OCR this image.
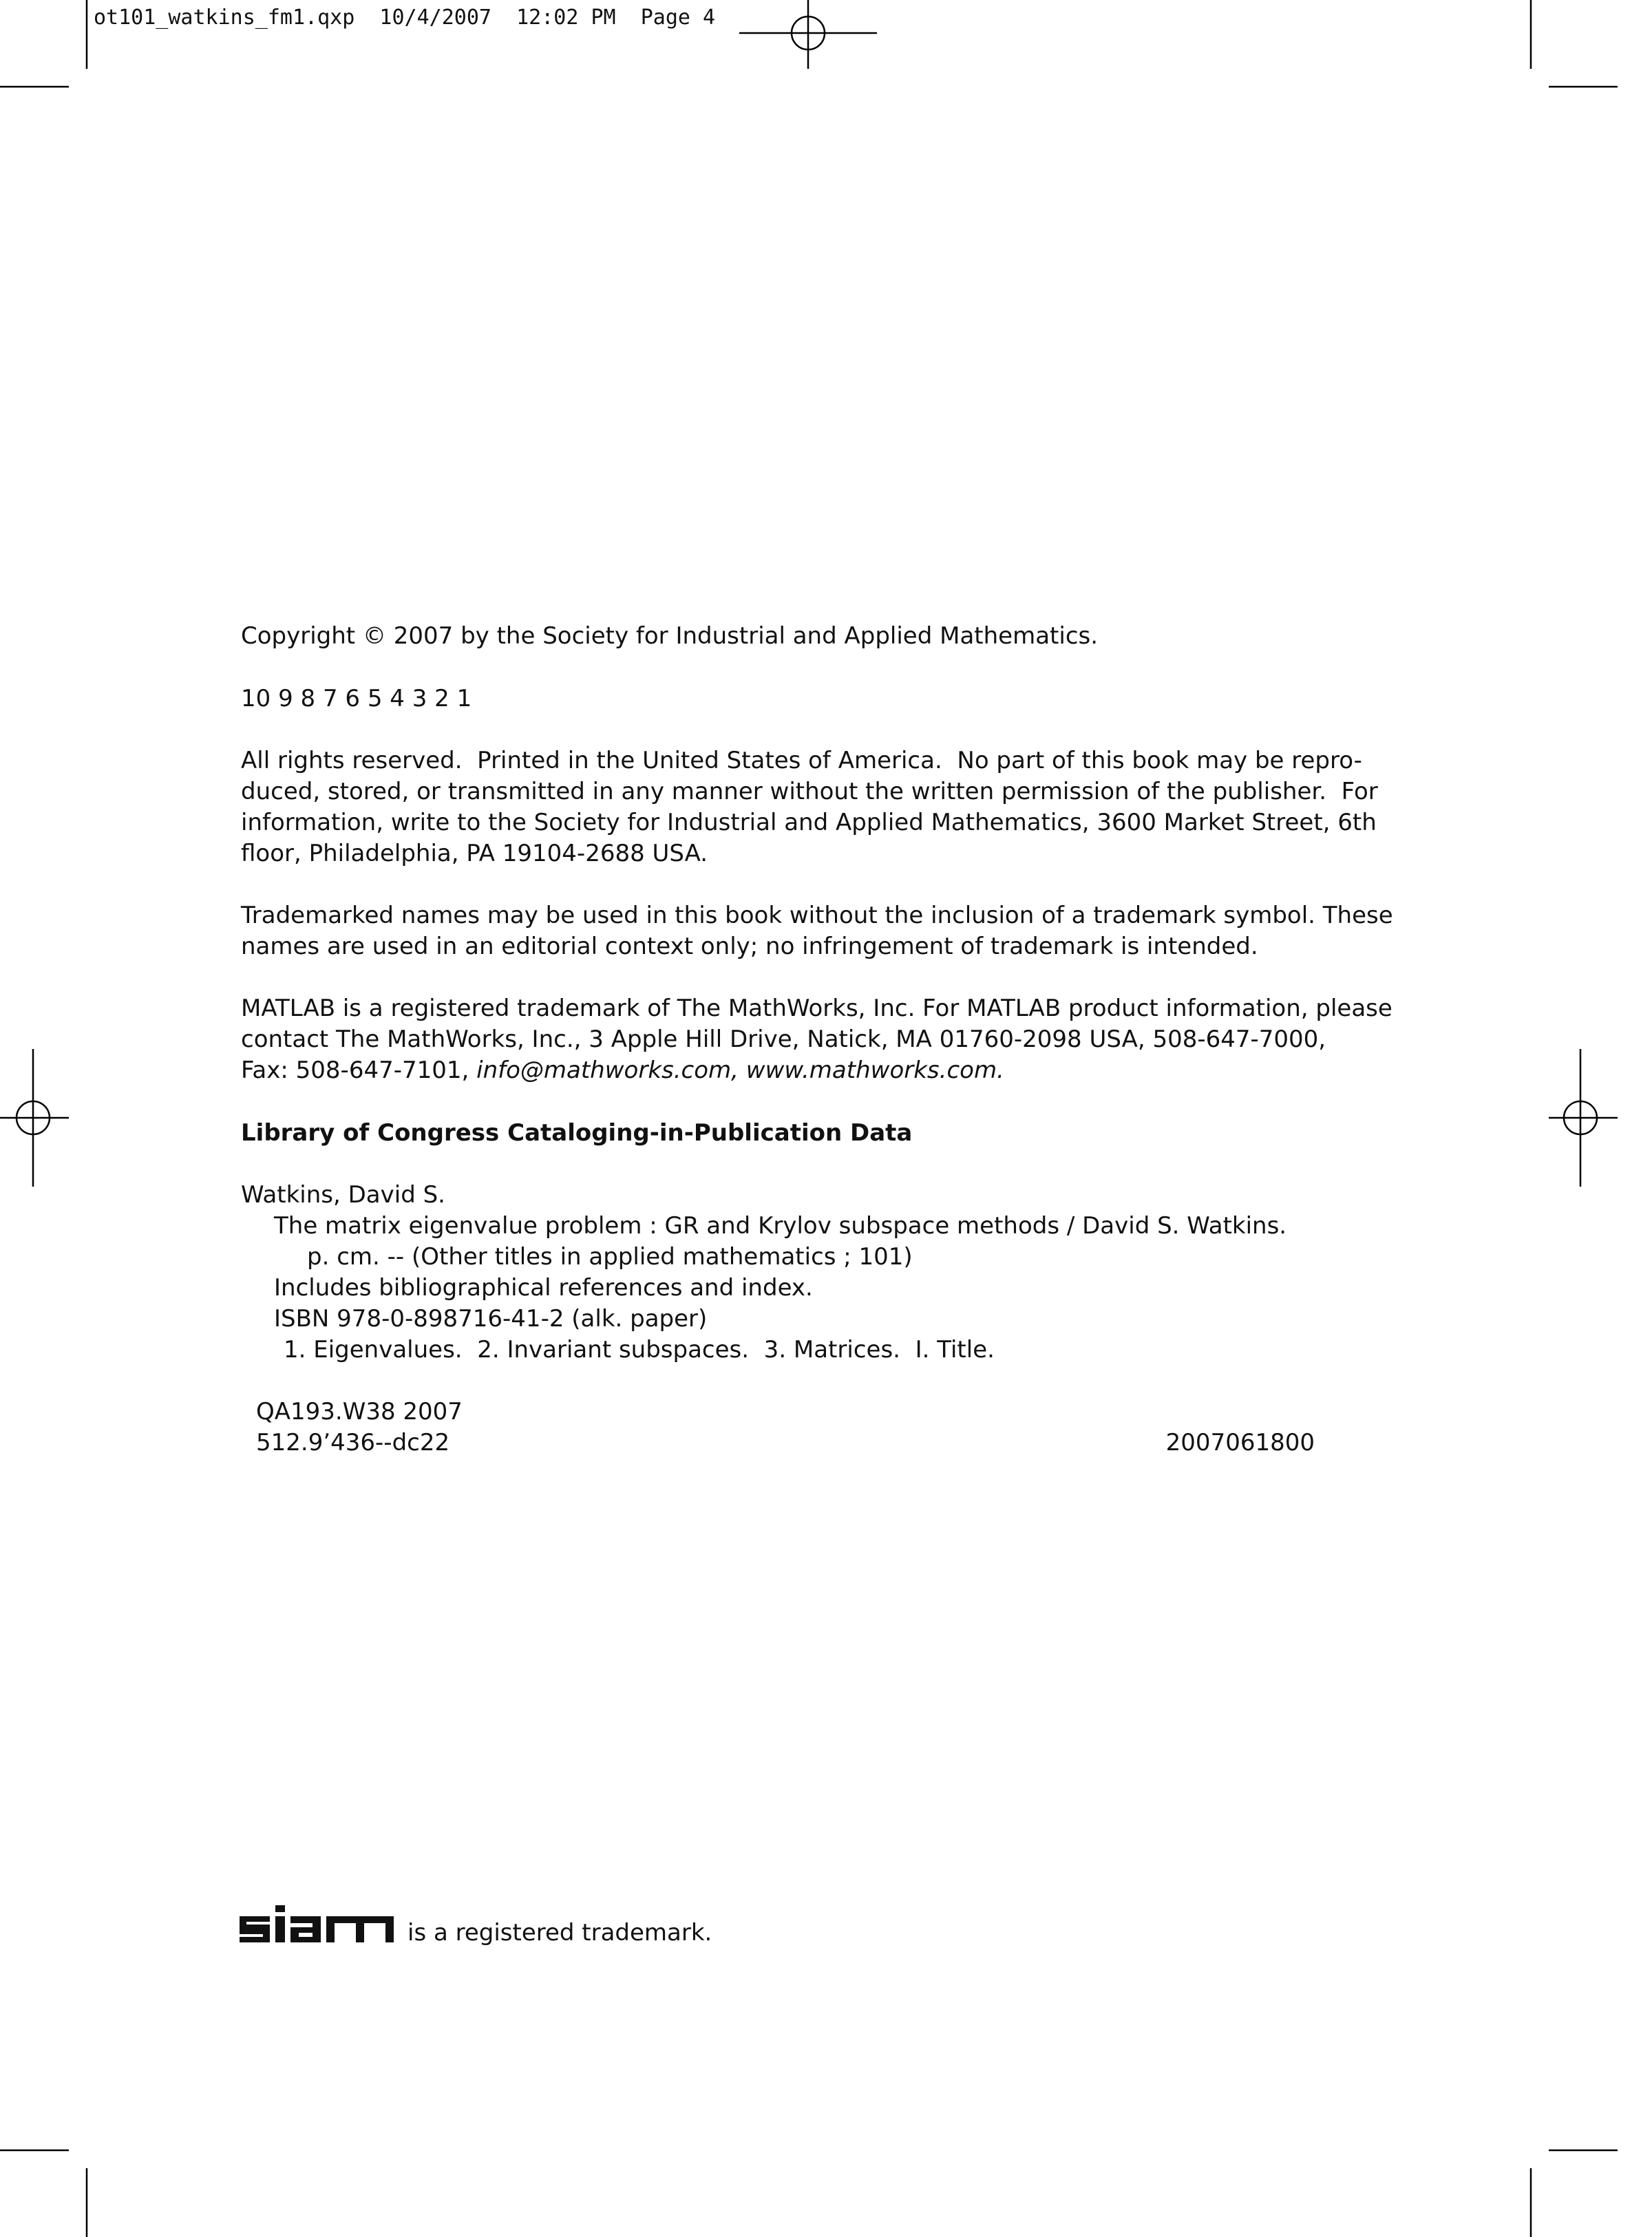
ot101_watkins_fm1.qxp  10/4/2007  12:02 PM  Page 4

Copyright © 2007 by the Society for Industrial and Applied Mathematics.

10 9 8 7 6 5 4 3 2 1

All rights reserved.  Printed in the United States of America.  No part of this book may be repro-

duced, stored, or transmitted in any manner without the written permission of the publisher.  For

information, write to the Society for Industrial and Applied Mathematics, 3600 Market Street, 6th

floor, Philadelphia, PA 19104-2688 USA.

Trademarked names may be used in this book without the inclusion of a trademark symbol. These

names are used in an editorial context only; no infringement of trademark is intended.

MATLAB is a registered trademark of The MathWorks, Inc. For MATLAB product information, please

contact The MathWorks, Inc., 3 Apple Hill Drive, Natick, MA 01760-2098 USA, 508-647-7000,

Fax: 508-647-7101, info@mathworks.com, www.mathworks.com.

Library of Congress Cataloging-in-Publication Data

Watkins, David S.

The matrix eigenvalue problem : GR and Krylov subspace methods / David S. Watkins.

p. cm. -- (Other titles in applied mathematics ; 101)

Includes bibliographical references and index.

ISBN 978-0-898716-41-2 (alk. paper)

1. Eigenvalues.  2. Invariant subspaces.  3. Matrices.  I. Title.

QA193.W38 2007

512.9’436--dc22	2007061800
is a registered trademark.
